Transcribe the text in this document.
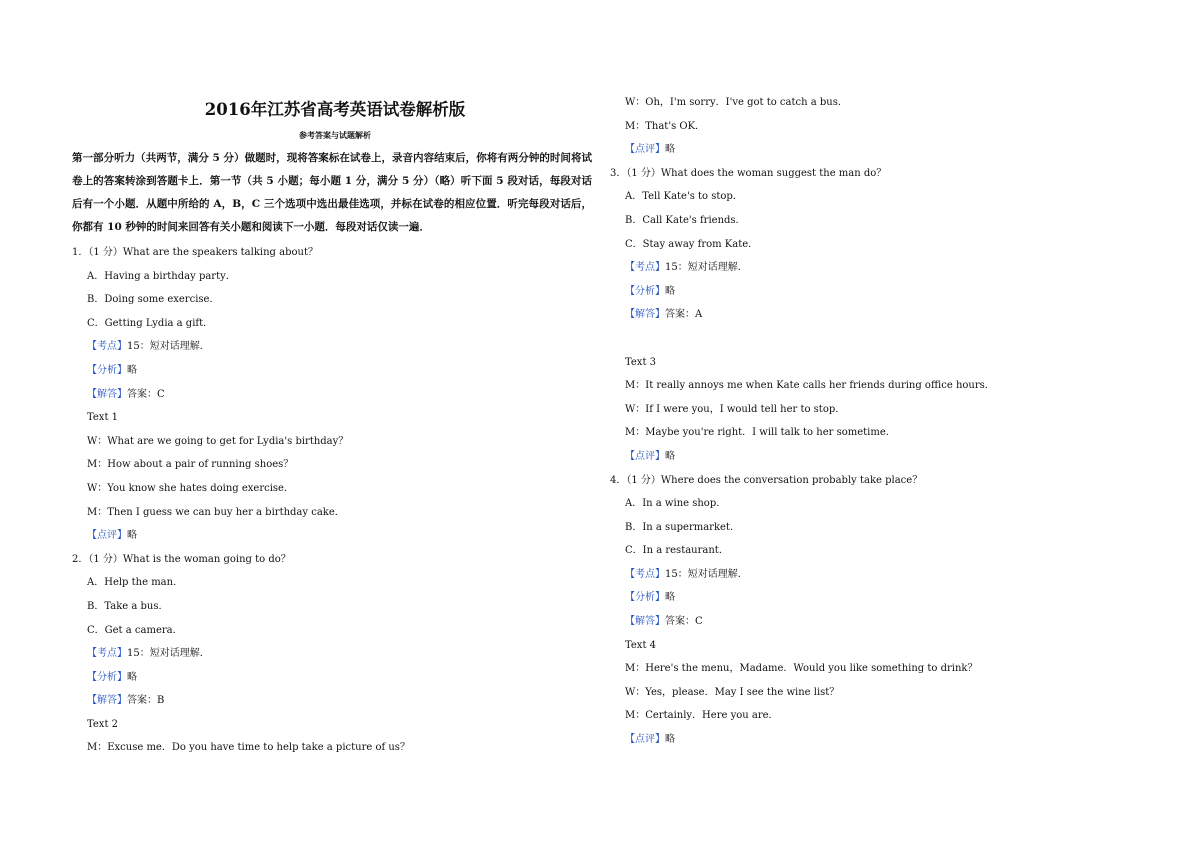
2016年江苏省高考英语试卷解析版
参考答案与试题解析
第一部分听力（共两节，满分 5 分）做题时，现将答案标在试卷上，录音内容结束后，你将有两分钟的时间将试卷上的答案转涂到答题卡上．第一节（共 5 小题；每小题 1 分，满分 5 分）（略）听下面 5 段对话，每段对话后有一个小题．从题中所给的 A，B，C 三个选项中选出最佳选项，并标在试卷的相应位置．听完每段对话后，你都有 10 秒钟的时间来回答有关小题和阅读下一小题．每段对话仅读一遍．
1．（1 分）What are the speakers talking about？
A．Having a birthday party．
B．Doing some exercise．
C．Getting Lydia a gift．
【考点】15：短对话理解．
【分析】略
【解答】答案：C
Text 1
W：What are we going to get for Lydia's birthday？
M：How about a pair of running shoes？
W：You know she hates doing exercise．
M：Then I guess we can buy her a birthday cake．
【点评】略
2．（1 分）What is the woman going to do？
A．Help the man．
B．Take a bus．
C．Get a camera．
【考点】15：短对话理解．
【分析】略
【解答】答案：B
Text 2
M：Excuse me．Do you have time to help take a picture of us？
W：Oh，I'm sorry．I've got to catch a bus．
M：That's OK．
【点评】略
3．（1 分）What does the woman suggest the man do？
A．Tell Kate's to stop．
B．Call Kate's friends．
C．Stay away from Kate．
【考点】15：短对话理解．
【分析】略
【解答】答案：A
Text 3
M：It really annoys me when Kate calls her friends during office hours．
W：If I were you，I would tell her to stop．
M：Maybe you're right．I will talk to her sometime．
【点评】略
4．（1 分）Where does the conversation probably take place？
A．In a wine shop．
B．In a supermarket．
C．In a restaurant．
【考点】15：短对话理解．
【分析】略
【解答】答案：C
Text 4
M：Here's the menu，Madame．Would you like something to drink？
W：Yes，please．May I see the wine list？
M：Certainly．Here you are．
【点评】略
